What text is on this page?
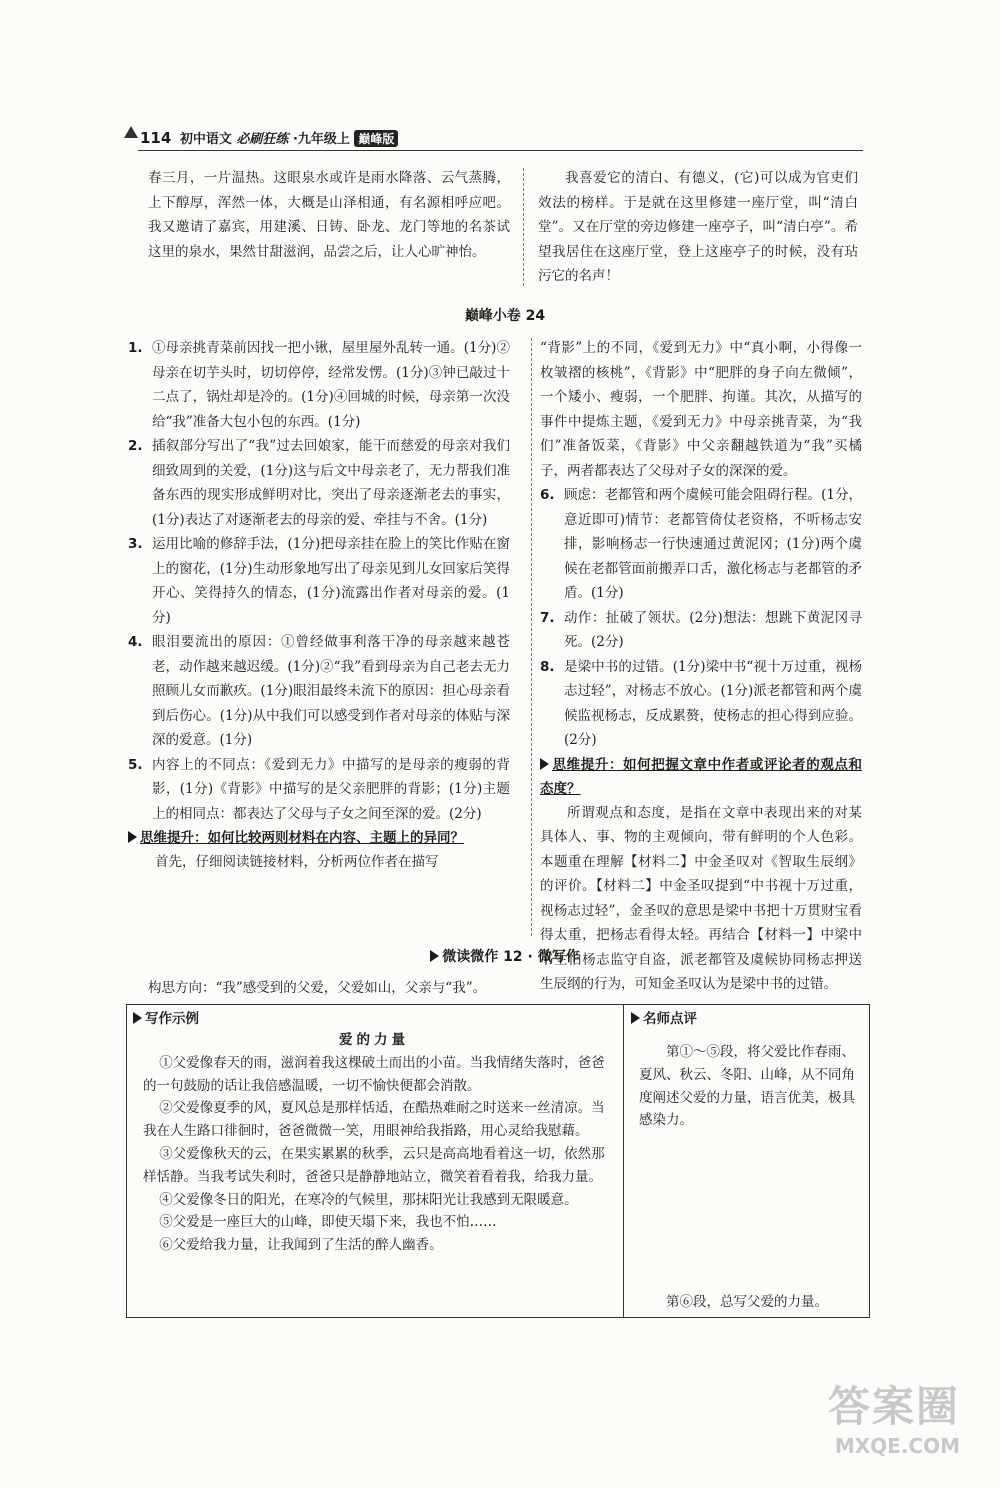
114 初中语文 必刷狂练 ·九年级上 巅峰版

春三月，一片温热。这眼泉水或许是雨水降落、云气蒸腾，上下醇厚，浑然一体，大概是山泽相通，有名源相呼应吧。我又邀请了嘉宾，用建溪、日铸、卧龙、龙门等地的名茶试这里的泉水，果然甘甜滋润，品尝之后，让人心旷神怡。

我喜爱它的清白、有德义，(它)可以成为官吏们效法的榜样。于是就在这里修建一座厅堂，叫“清白堂”。又在厅堂的旁边修建一座亭子，叫“清白亭”。希望我居住在这座厅堂，登上这座亭子的时候，没有玷污它的名声！

巅峰小卷 24
1. ①母亲挑青菜前因找一把小锹，屋里屋外乱转一通。(1分)②母亲在切芋头时，切切停停，经常发愣。(1分)③钟已敲过十二点了，锅灶却是冷的。(1分)④回城的时候，母亲第一次没给“我”准备大包小包的东西。(1分)
2. 插叙部分写出了“我”过去回娘家，能干而慈爱的母亲对我们细致周到的关爱，(1分)这与后文中母亲老了，无力帮我们准备东西的现实形成鲜明对比，突出了母亲逐渐老去的事实，(1分)表达了对逐渐老去的母亲的爱、牵挂与不舍。(1分)
3. 运用比喻的修辞手法，(1分)把母亲挂在脸上的笑比作贴在窗上的窗花，(1分)生动形象地写出了母亲见到儿女回家后笑得开心、笑得持久的情态，(1分)流露出作者对母亲的爱。(1分)
4. 眼泪要流出的原因：①曾经做事利落干净的母亲越来越苍老，动作越来越迟缓。(1分)②“我”看到母亲为自己老去无力照顾儿女而歉疚。(1分)眼泪最终未流下的原因：担心母亲看到后伤心。(1分)从中我们可以感受到作者对母亲的体贴与深深的爱意。(1分)
5. 内容上的不同点：《爱到无力》中描写的是母亲的瘦弱的背影，(1分)《背影》中描写的是父亲肥胖的背影；(1分)主题上的相同点：都表达了父母与子女之间至深的爱。(2分)
思维提升：如何比较两则材料在内容、主题上的异同？

首先，仔细阅读链接材料，分析两位作者在描写

“背影”上的不同，《爱到无力》中“真小啊，小得像一枚皱褶的核桃”，《背影》中“肥胖的身子向左微倾”，一个矮小、瘦弱，一个肥胖、拘谨。其次，从描写的事件中提炼主题，《爱到无力》中母亲挑青菜，为“我们”准备饭菜，《背影》中父亲翻越铁道为“我”买橘子，两者都表达了父母对子女的深深的爱。

6. 顾虑：老都管和两个虞候可能会阻碍行程。(1分，意近即可)情节：老都管倚仗老资格，不听杨志安排，影响杨志一行快速通过黄泥冈；(1分)两个虞候在老都管面前搬弄口舌，激化杨志与老都管的矛盾。(1分)
7. 动作：扯破了领状。(2分)想法：想跳下黄泥冈寻死。(2分)
8. 是梁中书的过错。(1分)梁中书“视十万过重，视杨志过轻”，对杨志不放心。(1分)派老都管和两个虞候监视杨志，反成累赘，使杨志的担心得到应验。(2分)
思维提升：如何把握文章中作者或评论者的观点和态度？

所谓观点和态度，是指在文章中表现出来的对某具体人、事、物的主观倾向，带有鲜明的个人色彩。本题重在理解【材料二】中金圣叹对《智取生辰纲》的评价。【材料二】中金圣叹提到“中书视十万过重，视杨志过轻”，金圣叹的意思是梁中书把十万贯财宝看得太重，把杨志看得太轻。再结合【材料一】中梁中书生怕杨志监守自盗，派老都管及虞候协同杨志押送生辰纲的行为，可知金圣叹认为是梁中书的过错。

微读微作 12 · 微写作
构思方向：“我”感受到的父爱，父爱如山，父亲与“我”。
写作示例	名师点评
爱的力量

①父爱像春天的雨，滋润着我这棵破土而出的小苗。当我情绪失落时，爸爸的一句鼓励的话让我倍感温暖，一切不愉快便都会消散。

②父爱像夏季的风，夏风总是那样恬适，在酷热难耐之时送来一丝清凉。当我在人生路口徘徊时，爸爸微微一笑，用眼神给我指路，用心灵给我慰藉。

③父爱像秋天的云，在果实累累的秋季，云只是高高地看着这一切，依然那样恬静。当我考试失利时，爸爸只是静静地站立，微笑着看着我，给我力量。

④父爱像冬日的阳光，在寒冷的气候里，那抹阳光让我感到无限暖意。

⑤父爱是一座巨大的山峰，即使天塌下来，我也不怕……

⑥父爱给我力量，让我闻到了生活的醉人幽香。

第①～⑤段，将父爱比作春雨、夏风、秋云、冬阳、山峰，从不同角度阐述父爱的力量，语言优美，极具感染力。
第⑥段，总写父爱的力量。
答案圈
MXQE.COM
